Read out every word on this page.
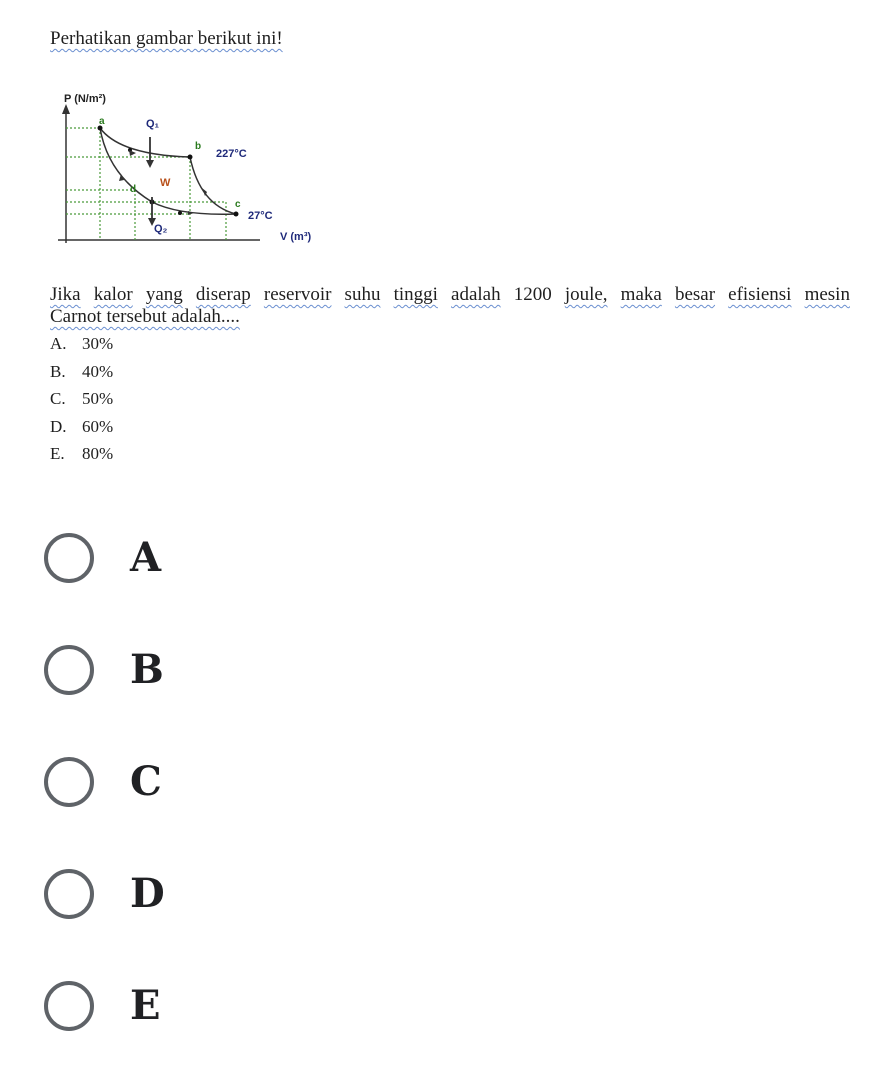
Perhatikan gambar berikut ini!
P (N/m²)
V (m³)
a
b
c
d
Q₁
Q₂
W
227°C
27°C
Jika kalor yang diserap reservoir suhu tinggi adalah 1200 joule, maka besar efisiensi mesin
Carnot tersebut adalah....
A. 30%
B. 40%
C. 50%
D. 60%
E. 80%
A
B
C
D
E
